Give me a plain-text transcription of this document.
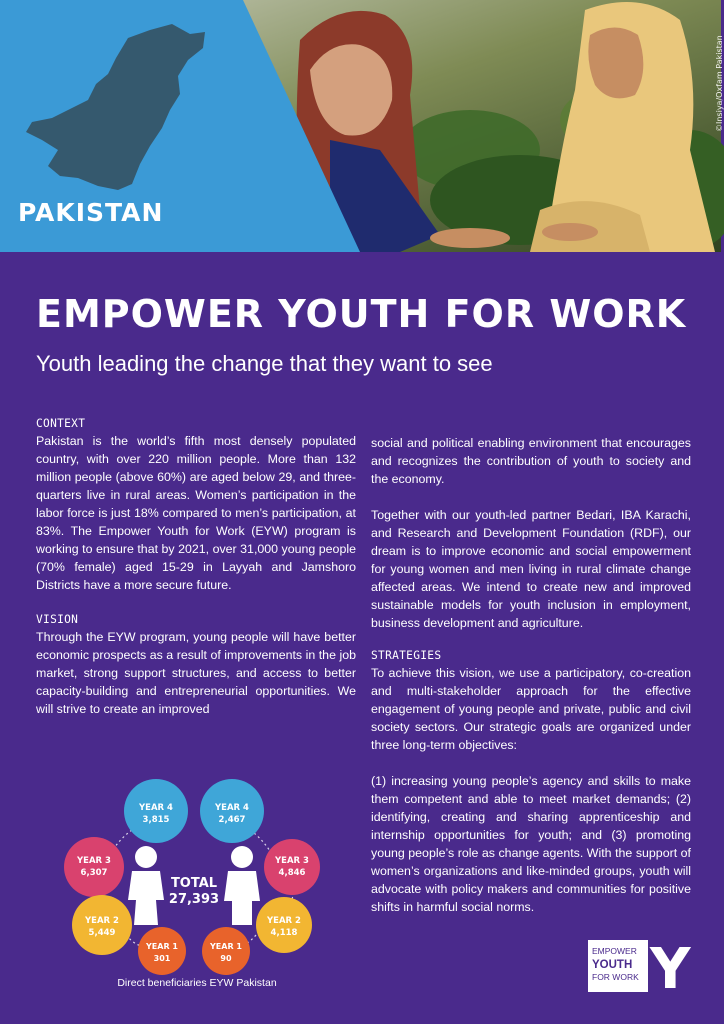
PAKISTAN
©Insiya/Oxfam Pakistan
EMPOWER YOUTH FOR WORK

Youth leading the change that they want to see

CONTEXT

Pakistan is the world’s fifth most densely populated country, with over 220 million people. More than 132 million people (above 60%) are aged below 29, and three-quarters live in rural areas. Women’s participation in the labor force is just 18% compared to men’s participation, at 83%. The Empower Youth for Work (EYW) program is working to ensure that by 2021, over 31,000 young people (70% female) aged 15-29 in Layyah and Jamshoro Districts have a more secure future.

VISION

Through the EYW program, young people will have better economic prospects as a result of improvements in the job market, strong support structures, and access to better capacity-building and entrepreneurial opportunities. We will strive to create an improved

social and political enabling environment that encourages and recognizes the contribution of youth to society and the economy.

Together with our youth-led partner Bedari, IBA Karachi, and Research and Development Foundation (RDF), our dream is to improve economic and social empowerment for young women and men living in rural climate change affected areas. We intend to create new and improved sustainable models for youth inclusion in employment, business development and agriculture.

STRATEGIES

To achieve this vision, we use a participatory, co-creation and multi-stakeholder approach for the effective engagement of young people and private, public and civil society sectors. Our strategic goals are organized under three long-term objectives:

(1) increasing young people’s agency and skills to make them competent and able to meet market demands; (2) identifying, creating and sharing apprenticeship and internship opportunities for youth; and (3) promoting young people’s role as change agents. With the support of women’s organizations and like-minded groups, youth will advocate with policy makers and communities for positive shifts in harmful social norms.

YEAR 4
3,815
YEAR 3
6,307
YEAR 2
5,449
YEAR 1
301
YEAR 4
2,467
YEAR 3
4,846
YEAR 2
4,118
YEAR 1
90
TOTAL
27,393
Direct beneficiaries EYW Pakistan
EMPOWER
YOUTH
FOR WORK Y
